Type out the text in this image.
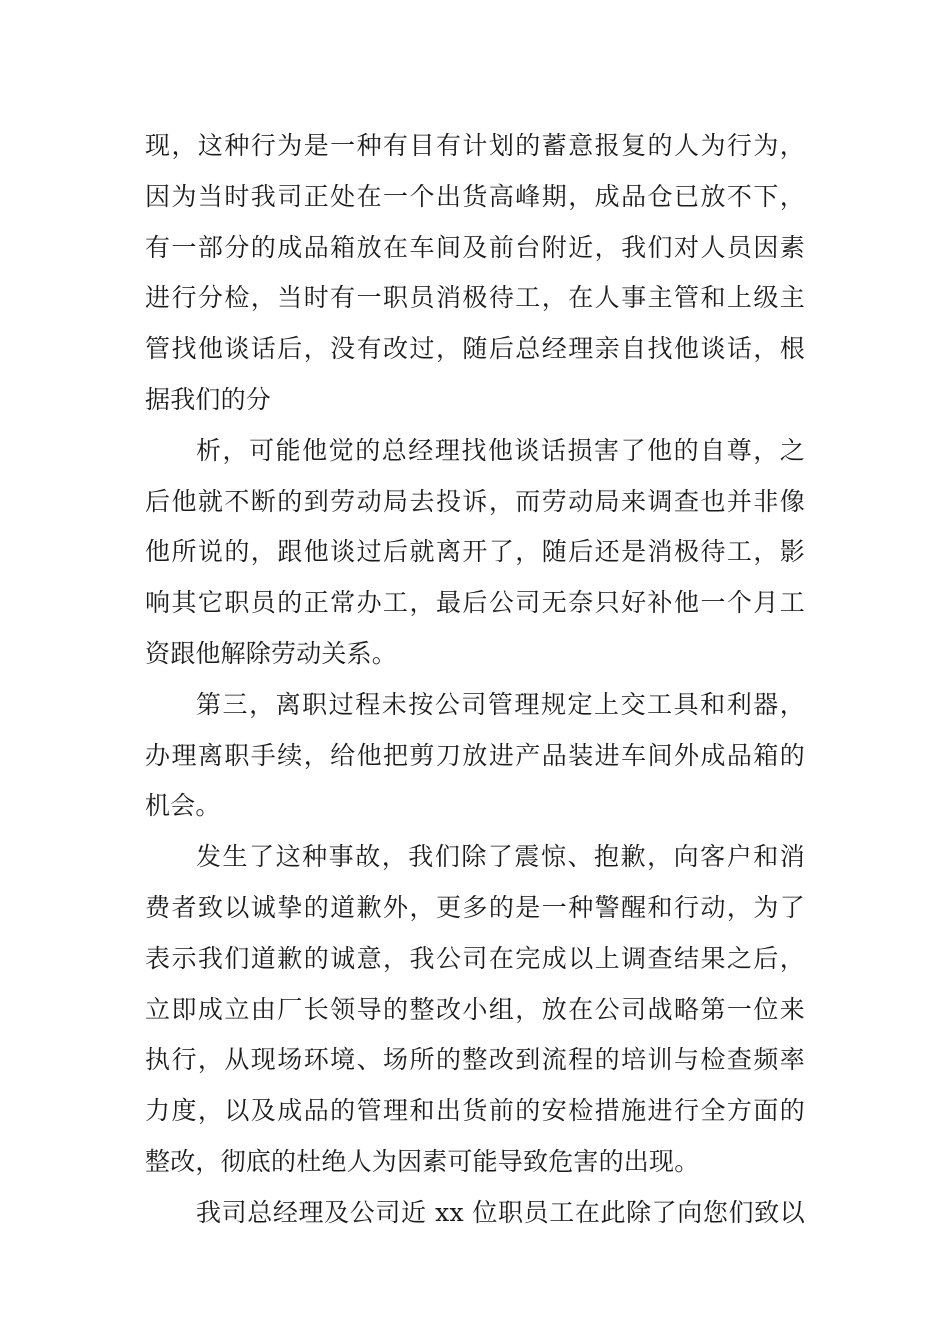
现，这种行为是一种有目有计划的蓄意报复的人为行为，
因为当时我司正处在一个出货高峰期，成品仓已放不下，
有一部分的成品箱放在车间及前台附近，我们对人员因素
进行分检，当时有一职员消极待工，在人事主管和上级主
管找他谈话后，没有改过，随后总经理亲自找他谈话，根
据我们的分
析，可能他觉的总经理找他谈话损害了他的自尊，之
后他就不断的到劳动局去投诉，而劳动局来调查也并非像
他所说的，跟他谈过后就离开了，随后还是消极待工，影
响其它职员的正常办工，最后公司无奈只好补他一个月工
资跟他解除劳动关系。
第三，离职过程未按公司管理规定上交工具和利器，
办理离职手续，给他把剪刀放进产品装进车间外成品箱的
机会。
发生了这种事故，我们除了震惊、抱歉，向客户和消
费者致以诚挚的道歉外，更多的是一种警醒和行动，为了
表示我们道歉的诚意，我公司在完成以上调查结果之后，
立即成立由厂长领导的整改小组，放在公司战略第一位来
执行，从现场环境、场所的整改到流程的培训与检查频率
力度，以及成品的管理和出货前的安检措施进行全方面的
整改，彻底的杜绝人为因素可能导致危害的出现。
我司总经理及公司近 xx 位职员工在此除了向您们致以
